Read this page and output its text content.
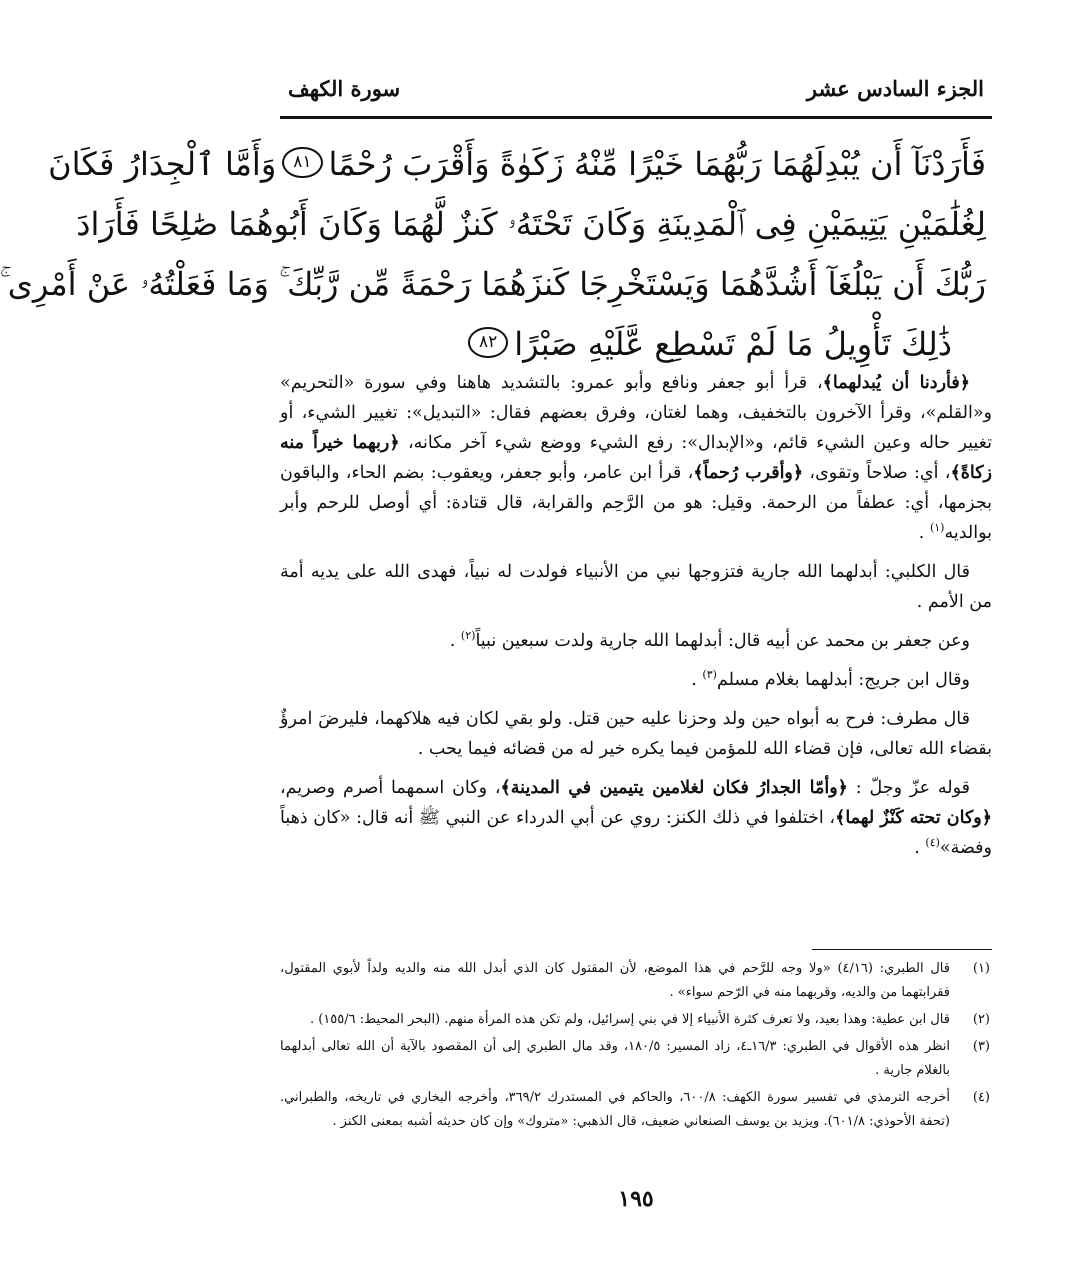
الجزء السادس عشر
سورة الكهف
فَأَرَدْنَآ أَن يُبْدِلَهُمَا رَبُّهُمَا خَيْرًا مِّنْهُ زَكَوٰةً وَأَقْرَبَ رُحْمًا٨١وَأَمَّا ٱلْجِدَارُ فَكَانَ
لِغُلَٰمَيْنِ يَتِيمَيْنِ فِى ٱلْمَدِينَةِ وَكَانَ تَحْتَهُۥ كَنزٌ لَّهُمَا وَكَانَ أَبُوهُمَا صَٰلِحًا فَأَرَادَ
رَبُّكَ أَن يَبْلُغَآ أَشُدَّهُمَا وَيَسْتَخْرِجَا كَنزَهُمَا رَحْمَةً مِّن رَّبِّكَ ۚ وَمَا فَعَلْتُهُۥ عَنْ أَمْرِى ۚ
ذَٰلِكَ تَأْوِيلُ مَا لَمْ تَسْطِع عَّلَيْهِ صَبْرًا٨٢

﴿فأردنا أن يُبدلهما﴾، قرأ أبو جعفر ونافع وأبو عمرو: بالتشديد هاهنا وفي سورة «التحريم» و«القلم»، وقرأ الآخرون بالتخفيف، وهما لغتان، وفرق بعضهم فقال: «التبديل»: تغيير الشيء، أو تغيير حاله وعين الشيء قائم، و«الإبدال»: رفع الشيء ووضع شيء آخر مكانه، ﴿ربهما خيراً منه زكاةً﴾، أي: صلاحاً وتقوى، ﴿وأقرب رُحماً﴾، قرأ ابن عامر، وأبو جعفر، ويعقوب: بضم الحاء، والباقون بجزمها، أي: عطفاً من الرحمة. وقيل: هو من الرَّحِم والقرابة، قال قتادة: أي أوصل للرحم وأبر بوالديه$^{(١)}$ .

قال الكلبي: أبدلهما الله جارية فتزوجها نبي من الأنبياء فولدت له نبياً، فهدى الله على يديه أمة من الأمم .

وعن جعفر بن محمد عن أبيه قال: أبدلهما الله جارية ولدت سبعين نبياً$^{(٢)}$ .

وقال ابن جريج: أبدلهما بغلام مسلم$^{(٣)}$ .

قال مطرف: فرح به أبواه حين ولد وحزنا عليه حين قتل. ولو بقي لكان فيه هلاكهما، فليرضَ امرؤٌ بقضاء الله تعالى، فإن قضاء الله للمؤمن فيما يكره خير له من قضائه فيما يحب .

قوله عزّ وجلّ : ﴿وأمّا الجدارُ فكان لغلامين يتيمين في المدينة﴾، وكان اسمهما أصرم وصريم، ﴿وكان تحته كَنْزٌ لهما﴾، اختلفوا في ذلك الكنز: روي عن أبي الدرداء عن النبي ﷺ أنه قال: «كان ذهباً وفضة»$^{(٤)}$ .

(١)
قال الطبري: (٤/١٦) «ولا وجه للرَّحم في هذا الموضع، لأن المقتول كان الذي أبدل الله منه والديه ولداً لأبوي المقتول، فقرابتهما من والديه، وقربهما منه في الرّحم سواء» .
(٢)
قال ابن عطية: وهذا بعيد، ولا تعرف كثرة الأنبياء إلا في بني إسرائيل، ولم تكن هذه المرأة منهم. (البحر المحيط: ١٥٥/٦) .
(٣)
انظر هذه الأقوال في الطبري: ١٦/٣ـ٤، زاد المسير: ١٨٠/٥، وقد مال الطبري إلى أن المقصود بالآية أن الله تعالى أبدلهما بالغلام جارية .
(٤)
أخرجه الترمذي في تفسير سورة الكهف: ٦٠٠/٨، والحاكم في المستدرك ٣٦٩/٢، وأخرجه البخاري في تاريخه، والطبراني. (تحفة الأحوذي: ٦٠١/٨). ويزيد بن يوسف الصنعاني ضعيف، قال الذهبي: «متروك» وإن كان حديثه أشبه بمعنى الكنز .
١٩٥
